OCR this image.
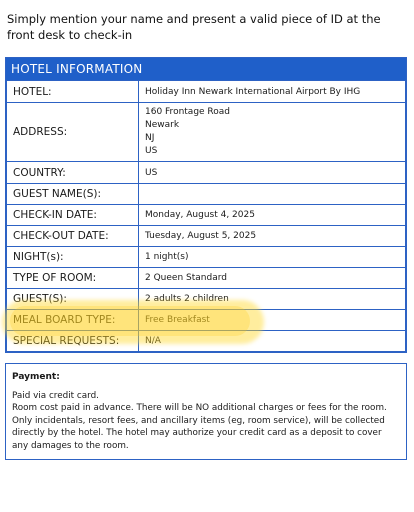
Simply mention your name and present a valid piece of ID at the front desk to check-in
HOTEL INFORMATION
HOTEL:	Holiday Inn Newark International Airport By IHG
ADDRESS:	160 Frontage Road
Newark
NJ
US

COUNTRY:	US
GUEST NAME(S):	
CHECK-IN DATE:	Monday, August 4, 2025
CHECK-OUT DATE:	Tuesday, August 5, 2025
NIGHT(s):	1 night(s)
TYPE OF ROOM:	2 Queen Standard
GUEST(S):	2 adults 2 children
MEAL BOARD TYPE:	Free Breakfast
SPECIAL REQUESTS:	N/A
Payment:
Paid via credit card.
Room cost paid in advance. There will be NO additional charges or fees for the room. Only incidentals, resort fees, and ancillary items (eg, room service), will be collected directly by the hotel. The hotel may authorize your credit card as a deposit to cover any damages to the room.
